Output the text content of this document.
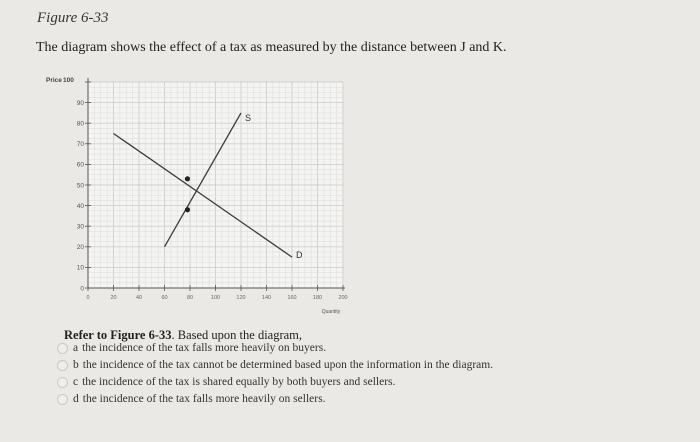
Figure 6-33
The diagram shows the effect of a tax as measured by the distance between J and K.
0
10
20
30
40
50
60
70
80
90
0	20	40	60	80	100	120	140	160	180	200
S
D
Price 100
Quantity
Refer to Figure 6-33. Based upon the diagram,
a the incidence of the tax falls more heavily on buyers.
b the incidence of the tax cannot be determined based upon the information in the diagram.
c the incidence of the tax is shared equally by both buyers and sellers.
d the incidence of the tax falls more heavily on sellers.
